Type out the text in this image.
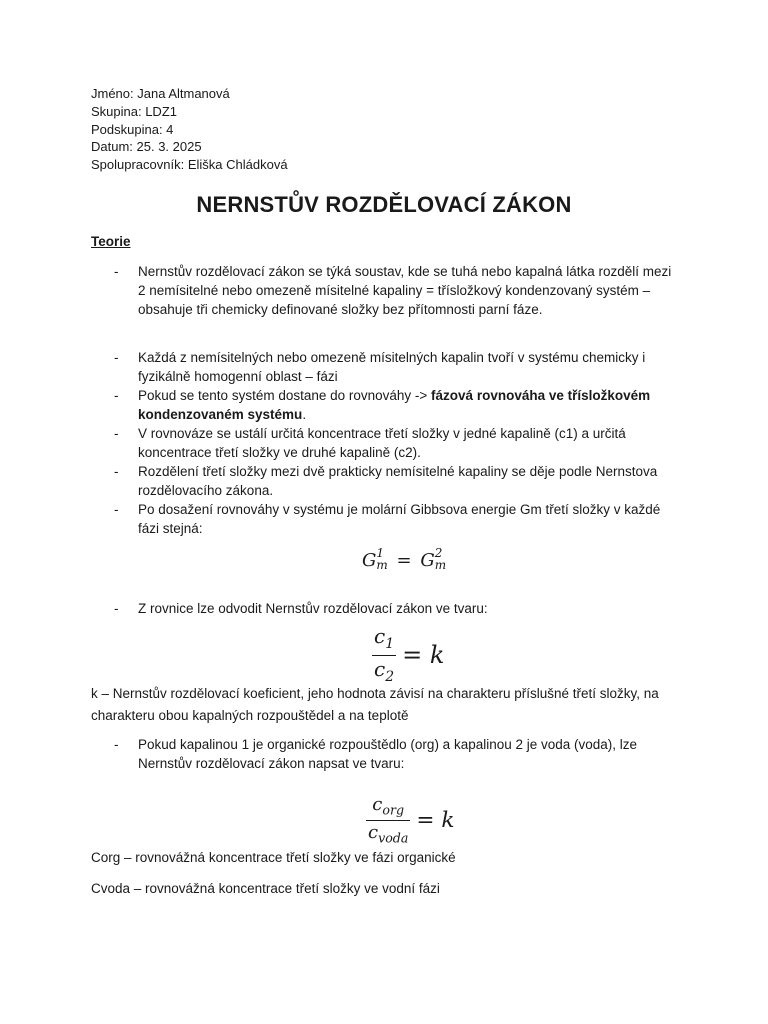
Jméno: Jana Altmanová
Skupina: LDZ1
Podskupina: 4
Datum: 25. 3. 2025
Spolupracovník: Eliška Chládková
NERNSTŮV ROZDĚLOVACÍ ZÁKON
Teorie
- Nernstův rozdělovací zákon se týká soustav, kde se tuhá nebo kapalná látka rozdělí mezi 2 nemísitelné nebo omezeně mísitelné kapaliny = třísložkový kondenzovaný systém – obsahuje tři chemicky definované složky bez přítomnosti parní fáze.
- Každá z nemísitelných nebo omezeně mísitelných kapalin tvoří v systému chemicky i fyzikálně homogenní oblast – fázi
- Pokud se tento systém dostane do rovnováhy -> fázová rovnováha ve třísložkovém kondenzovaném systému.
- V rovnováze se ustálí určitá koncentrace třetí složky v jedné kapalině (c1) a určitá koncentrace třetí složky ve druhé kapalině (c2).
- Rozdělení třetí složky mezi dvě prakticky nemísitelné kapaliny se děje podle Nernstova rozdělovacího zákona.
- Po dosažení rovnováhy v systému je molární Gibbsova energie Gm třetí složky v každé fázi stejná:
G 1
m = G 2
m
- Z rovnice lze odvodit Nernstův rozdělovací zákon ve tvaru:
$\frac{c_1}{c_2} = k$
k – Nernstův rozdělovací koeficient, jeho hodnota závisí na charakteru příslušné třetí složky, na charakteru obou kapalných rozpouštědel a na teplotě
- Pokud kapalinou 1 je organické rozpouštědlo (org) a kapalinou 2 je voda (voda), lze Nernstův rozdělovací zákon napsat ve tvaru:
$\frac{c_{org}}{c_{voda}} = k$
Corg – rovnovážná koncentrace třetí složky ve fázi organické
Cvoda – rovnovážná koncentrace třetí složky ve vodní fázi
